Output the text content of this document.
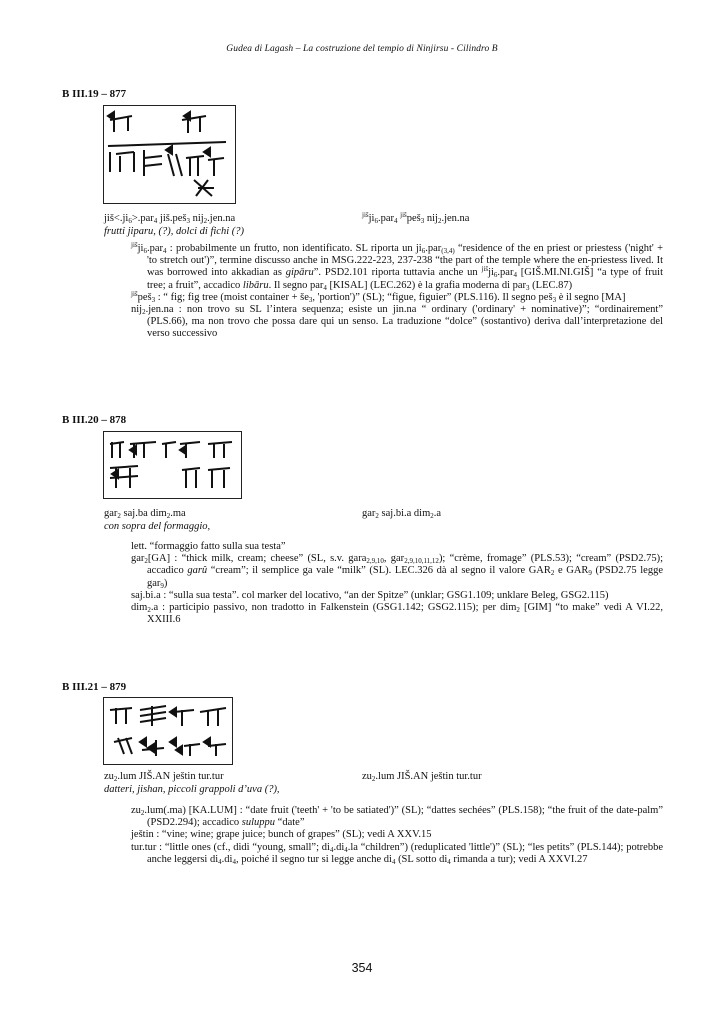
Gudea di Lagash – La costruzione del tempio di Ninjirsu - Cilindro B
B III.19 – 877
$jiš<.ji_6>.par_4$ jiš.peš$_3$ nij$_2$.jen.na	$^{jiš}ji_6.par_4$ $^{jiš}$peš$_3$ nij$_2$.jen.na
frutti jiparu, (?), dolci di fichi (?)

$^{jiš}ji_6.par_4$ : probabilmente un frutto, non identificato. SL riporta un $ji_6.par_{(3,4)}$ “residence of the en priest or priestess ('night' + 'to stretch out')”, termine discusso anche in MSG.222-223, 237-238 “the part of the temple where the en-priestess lived. It was borrowed into akkadian as gipāru”. PSD2.101 riporta tuttavia anche un $^{jiš}ji_6.par_4$ [GIŠ.MI.NI.GIŠ] “a type of fruit tree; a fruit”, accadico libāru. Il segno par$_4$ [KISAL] (LEC.262) è la grafia moderna di par$_3$ (LEC.87)

$^{jiš}$peš$_3$ : “ fig; fig tree (moist container + $še_3$, 'portion')” (SL); “figue, figuier” (PLS.116). Il segno peš$_3$ è il segno [MA]

nij$_2$.jen.na : non trovo su SL l’intera sequenza; esiste un jin.na “ ordinary ('ordinary' + nominative)”; “ordinairement” (PLS.66), ma non trovo che possa dare qui un senso. La traduzione “dolce” (sostantivo) deriva dall’interpretazione del verso successivo

B III.20 – 878
gar$_2$ saj.ba dim$_2$.ma	gar$_2$ saj.bi.a dim$_2$.a
con sopra del formaggio,

lett. “formaggio fatto sulla sua testa”

gar$_2$[GA] : “thick milk, cream; cheese” (SL, s.v. gara$_{2,9,10}$, gar$_{2,9,10,11,12}$); “crème, fromage” (PLS.53); “cream” (PSD2.75); accadico garû “cream”; il semplice ga vale “milk” (SL). LEC.326 dà al segno il valore $GAR_2$ e $GAR_9$ (PSD2.75 legge gar$_9$)

saj.bi.a : “sulla sua testa”. col marker del locativo, “an der Spitze” (unklar; GSG1.109; unklare Beleg, GSG2.115)

dim$_2$.a : participio passivo, non tradotto in Falkenstein (GSG1.142; GSG2.115); per dim$_2$ [GIM] “to make” vedi A VI.22, XXIII.6

B III.21 – 879
$zu_2.lum$ JIŠ.AN ještin tur.tur	$zu_2.lum$ JIŠ.AN ještin tur.tur
datteri, jishan, piccoli grappoli d’uva (?),

$zu_2.lum(.ma)$ [KA.LUM] : “date fruit ('teeth' + 'to be satiated')” (SL); “dattes sechées” (PLS.158); “the fruit of the date-palm” (PSD2.294); accadico suluppu “date”

ještin : “vine; wine; grape juice; bunch of grapes” (SL); vedi A XXV.15

tur.tur : “little ones (cf., didi “young, small”; $di_4.di_4.la$ “children”) (reduplicated 'little')” (SL); “les petits” (PLS.144); potrebbe anche leggersi $di_4.di_4$, poiché il segno tur si legge anche $di_4$ (SL sotto $di_4$ rimanda a tur); vedi A XXVI.27

354
